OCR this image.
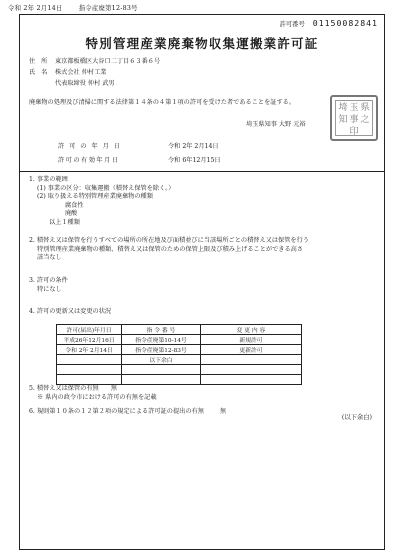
令和 2年 2月14日	指令産廃第12-83号
許可番号 01150082841
特別管理産業廃棄物収集運搬業許可証
住 所 東京都板橋区大谷口二丁目６３番６号
氏 名 株式会社 仲村工業
代表取締役 仲村 武男
廃棄物の処理及び清掃に関する法律第１４条の４第１項の許可を受けた者であることを証する。
埼玉県知事 大野 元裕
埼玉県知事之印
許 可 の 年 月 日	令和 2年 2月14日
許可の有効年月日	令和 6年12月15日

1. 事業の範囲

(1) 事業の区分：収集運搬（積替え保管を除く。）

(2) 取り扱える特別管理産業廃棄物の種類

腐食性

廃酸

以上１種類

2. 積替え又は保管を行うすべての場所の所在地及び面積並びに当該場所ごとの積替え又は保管を行う

特別管理産業廃棄物の種類、積替え又は保管のための保管上限及び積み上げることができる高さ

該当なし

3. 許可の条件

特になし

4. 許可の更新又は変更の状況
許可(届出)年月日	指 令 番 号	変 更 内 容
平成26年12月16日	指令産廃第10-14号	新規許可
令和 2年 2月14日	指令産廃第12-83号	更新許可
	以下余白	

5. 積替え又は保管の有無 無

※ 県内の政令市における許可の有無を記載

6. 規則第１０条の１２第２項の規定による許可証の提出の有無	無

(以下余白)
